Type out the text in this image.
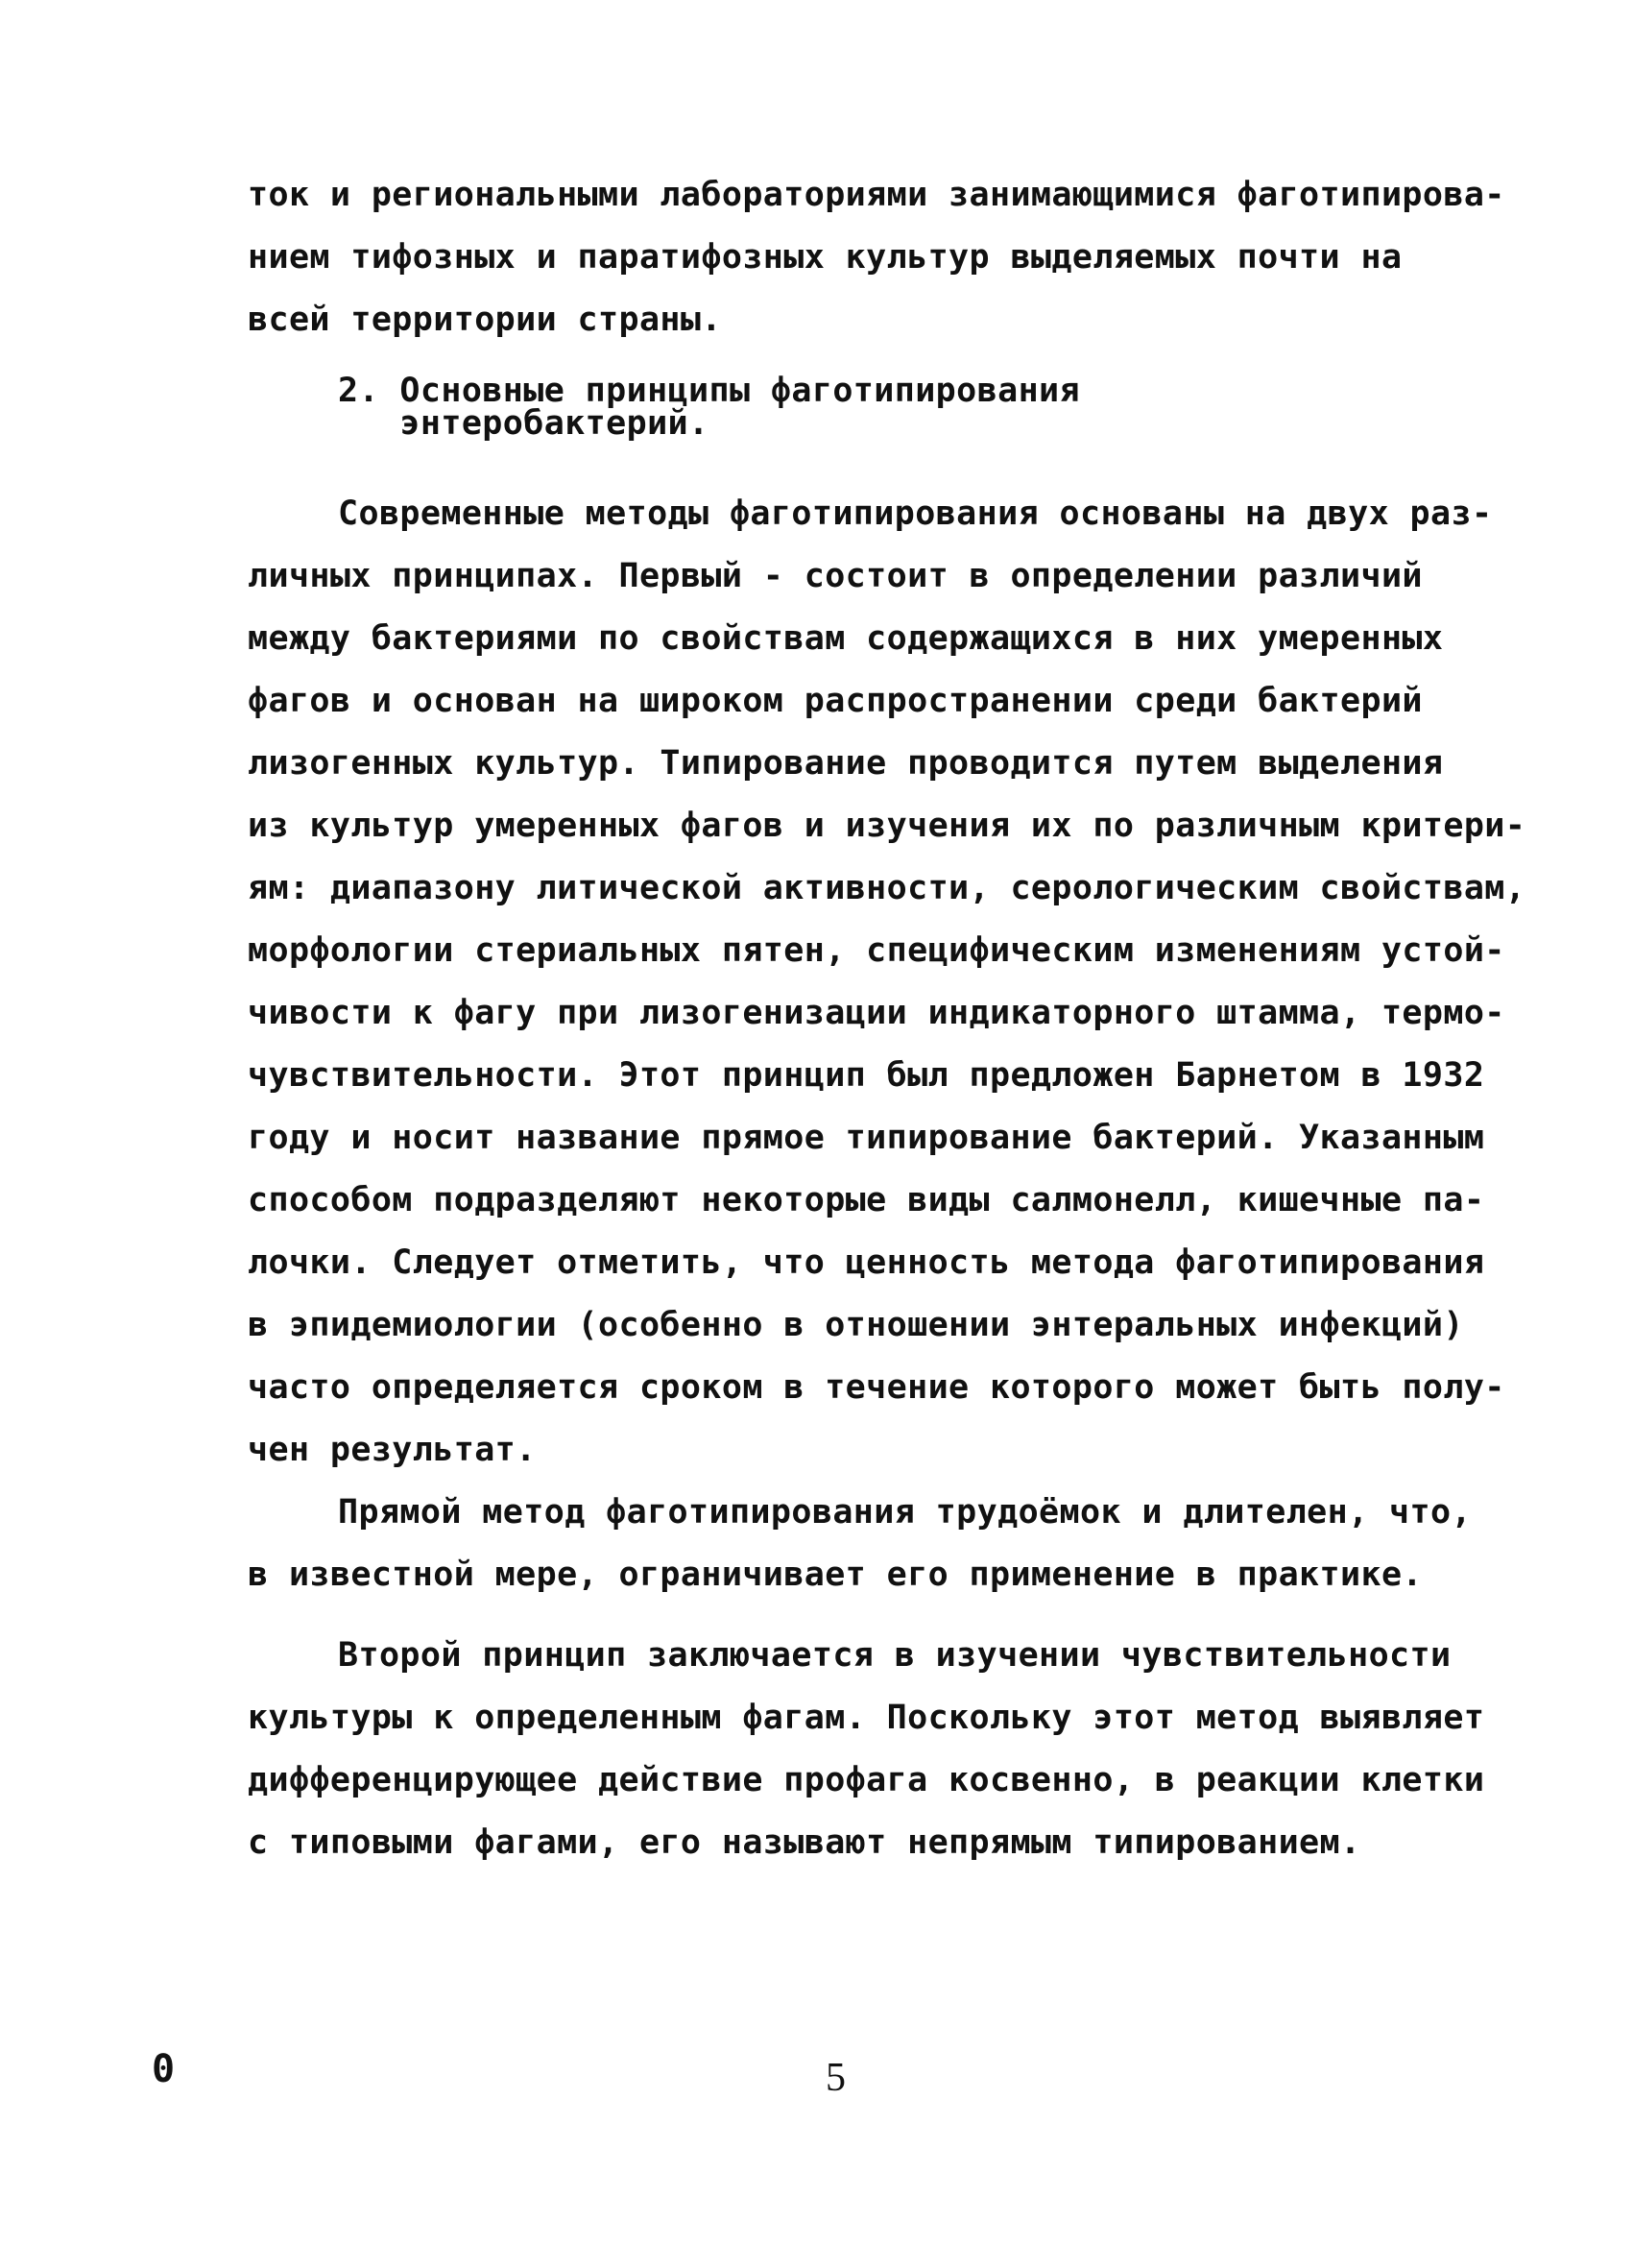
ток и региональными лабораториями занимающимися фаготипирова-
нием тифозных и паратифозных культур выделяемых почти на
всей территории страны.
2. Основные принципы фаготипирования
энтеробактерий.
Современные методы фаготипирования основаны на двух раз-
личных принципах. Первый - состоит в определении различий
между бактериями по свойствам содержащихся в них умеренных
фагов и основан на широком распространении среди бактерий
лизогенных культур. Типирование проводится путем выделения
из культур умеренных фагов и изучения их по различным критери-
ям: диапазону литической активности, серологическим свойствам,
морфологии стериальных пятен, специфическим изменениям устой-
чивости к фагу при лизогенизации индикаторного штамма, термо-
чувствительности. Этот принцип был предложен Барнетом в 1932
году и носит название прямое типирование бактерий. Указанным
способом подразделяют некоторые виды салмонелл, кишечные па-
лочки. Следует отметить, что ценность метода фаготипирования
в эпидемиологии (особенно в отношении энтеральных инфекций)
часто определяется сроком в течение которого может быть полу-
чен результат.
Прямой метод фаготипирования трудоёмок и длителен, что,
в известной мере, ограничивает его применение в практике.
Второй принцип заключается в изучении чувствительности
культуры к определенным фагам. Поскольку этот метод выявляет
дифференцирующее действие профага косвенно, в реакции клетки
с типовыми фагами, его называют непрямым типированием.
0	5
